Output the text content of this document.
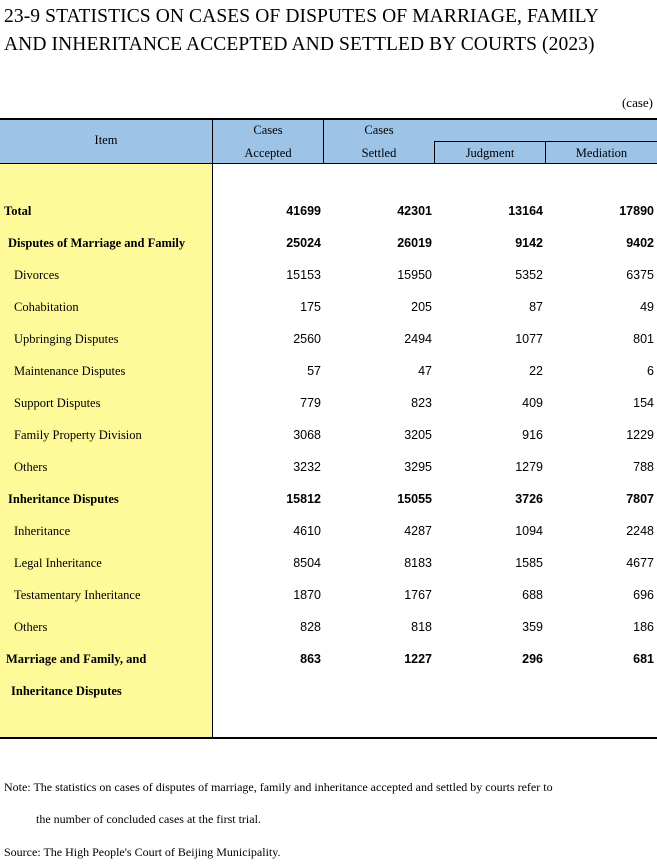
23-9 STATISTICS ON CASES OF DISPUTES OF MARRIAGE, FAMILY
AND INHERITANCE ACCEPTED AND SETTLED BY COURTS (2023)
(case)
Item
Cases
Accepted
Cases
Settled	Judgment	Mediation
Total	41699	42301	13164	17890
Disputes of Marriage and Family	25024	26019	9142	9402
Divorces	15153	15950	5352	6375
Cohabitation	175	205	87	49
Upbringing Disputes	2560	2494	1077	801
Maintenance Disputes	57	47	22	6
Support Disputes	779	823	409	154
Family Property Division	3068	3205	916	1229
Others	3232	3295	1279	788
Inheritance Disputes	15812	15055	3726	7807
Inheritance	4610	4287	1094	2248
Legal Inheritance	8504	8183	1585	4677
Testamentary Inheritance	1870	1767	688	696
Others	828	818	359	186
Marriage and Family, and	863	1227	296	681
Inheritance Disputes
Note: The statistics on cases of disputes of marriage, family and inheritance accepted and settled by courts refer to
the number of concluded cases at the first trial.
Source: The High People's Court of Beijing Municipality.
